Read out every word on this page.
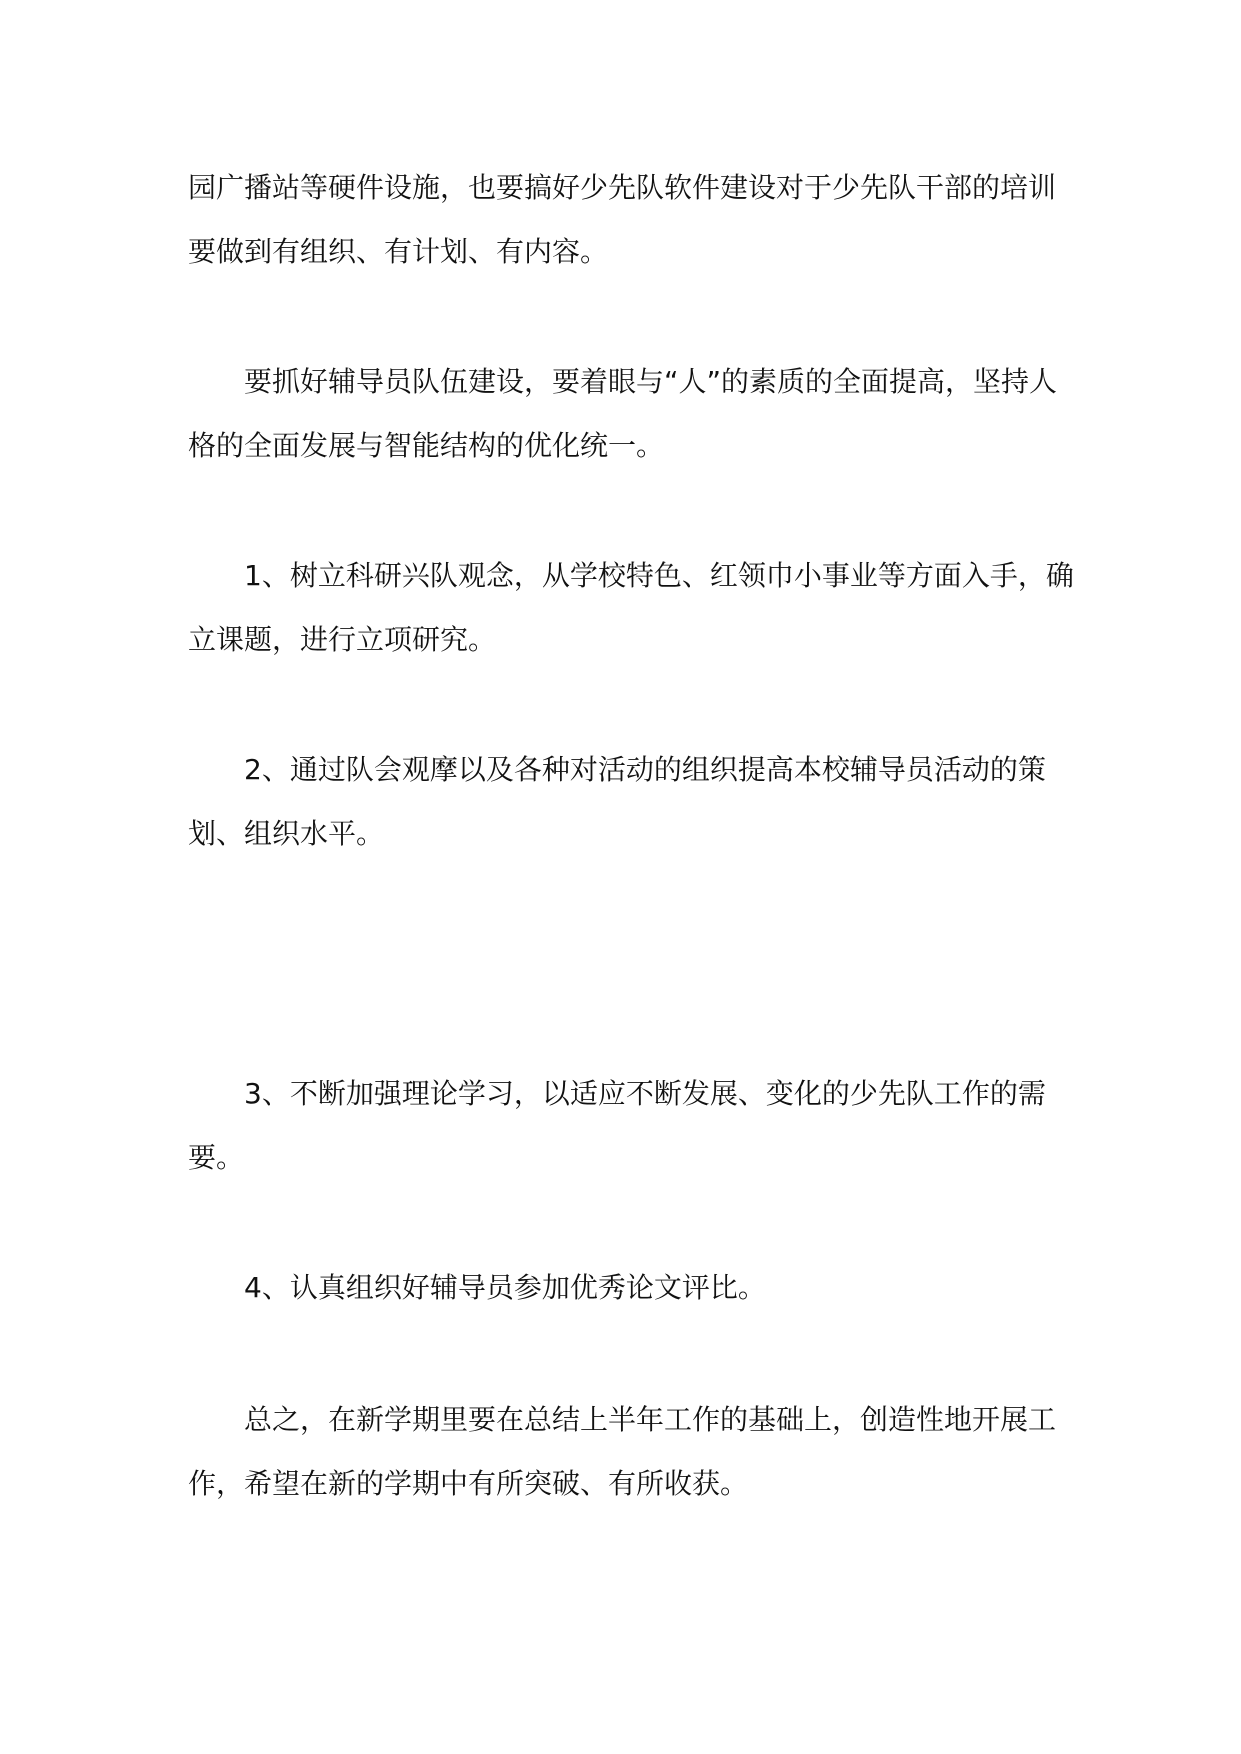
园广播站等硬件设施，也要搞好少先队软件建设对于少先队干部的培训要做到有组织、有计划、有内容。

要抓好辅导员队伍建设，要着眼与“人”的素质的全面提高，坚持人格的全面发展与智能结构的优化统一。

1、树立科研兴队观念，从学校特色、红领巾小事业等方面入手，确立课题，进行立项研究。

2、通过队会观摩以及各种对活动的组织提高本校辅导员活动的策划、组织水平。

3、不断加强理论学习，以适应不断发展、变化的少先队工作的需要。

4、认真组织好辅导员参加优秀论文评比。

总之，在新学期里要在总结上半年工作的基础上，创造性地开展工作，希望在新的学期中有所突破、有所收获。
